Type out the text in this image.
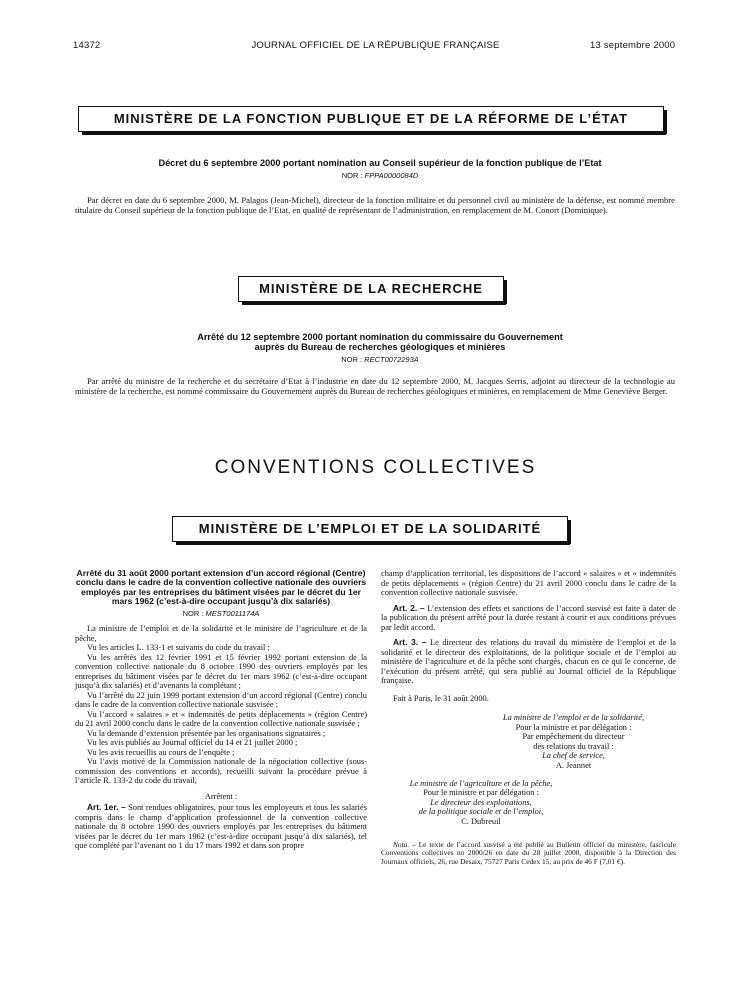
14372	JOURNAL OFFICIEL DE LA RÉPUBLIQUE FRANÇAISE	13 septembre 2000
MINISTÈRE DE LA FONCTION PUBLIQUE ET DE LA RÉFORME DE L’ÉTAT
Décret du 6 septembre 2000 portant nomination au Conseil supérieur de la fonction publique de l’Etat
NOR : FPPA0000084D

Par décret en date du 6 septembre 2000, M. Palagos (Jean-Michel), directeur de la fonction militaire et du personnel civil au ministère de la défense, est nommé membre titulaire du Conseil supérieur de la fonction publique de l’Etat, en qualité de représentant de l’administration, en remplacement de M. Conort (Dominique).

MINISTÈRE DE LA RECHERCHE
Arrêté du 12 septembre 2000 portant nomination du commissaire du Gouvernement
auprès du Bureau de recherches géologiques et minières
NOR : RECT0072293A

Par arrêté du ministre de la recherche et du secrétaire d’Etat à l’industrie en date du 12 septembre 2000, M. Jacques Serris, adjoint au directeur de la technologie au ministère de la recherche, est nommé commissaire du Gouvernement auprès du Bureau de recherches géologiques et minières, en remplacement de Mme Geneviève Berger.

CONVENTIONS COLLECTIVES
MINISTÈRE DE L’EMPLOI ET DE LA SOLIDARITÉ

Arrêté du 31 août 2000 portant extension d’un accord régional (Centre) conclu dans le cadre de la convention collective nationale des ouvriers employés par les entreprises du bâtiment visées par le décret du 1er mars 1962 (c’est-à-dire occupant jusqu’à dix salariés)

NOR : MEST0011174A

La ministre de l’emploi et de la solidarité et le ministre de l’agriculture et de la pêche,

Vu les articles L. 133-1 et suivants du code du travail ;

Vu les arrêtés des 12 février 1991 et 15 février 1992 portant extension de la convention collective nationale du 8 octobre 1990 des ouvriers employés par les entreprises du bâtiment visées par le décret du 1er mars 1962 (c’est-à-dire occupant jusqu’à dix salariés) et d’avenants la complétant ;

Vu l’arrêté du 22 juin 1999 portant extension d’un accord régional (Centre) conclu dans le cadre de la convention collective nationale susvisée ;

Vu l’accord « salaires » et « indemnités de petits déplacements » (région Centre) du 21 avril 2000 conclu dans le cadre de la convention collective nationale susvisée ;

Vu la demande d’extension présentée par les organisations signataires ;

Vu les avis publiés au Journal officiel du 14 et 21 juillet 2000 ;

Vu les avis recueillis au cours de l’enquête ;

Vu l’avis motivé de la Commission nationale de la négociation collective (sous-commission des conventions et accords), recueilli suivant la procédure prévue à l’article R. 133-2 du code du travail,

Arrêtent :

Art. 1er. – Sont rendues obligatoires, pour tous les employeurs et tous les salariés compris dans le champ d’application professionnel de la convention collective nationale du 8 octobre 1990 des ouvriers employés par les entreprises du bâtiment visées par le décret du 1er mars 1962 (c’est-à-dire occupant jusqu’à dix salariés), tel que complété par l’avenant no 1 du 17 mars 1992 et dans son propre

champ d’application territorial, les dispositions de l’accord « salaires » et « indemnités de petits déplacements » (région Centre) du 21 avril 2000 conclu dans le cadre de la convention collective nationale susvisée.

Art. 2. – L’extension des effets et sanctions de l’accord susvisé est faite à dater de la publication du présent arrêté pour la durée restant à courir et aux conditions prévues par ledit accord.

Art. 3. – Le directeur des relations du travail du ministère de l’emploi et de la solidarité et le directeur des exploitations, de la politique sociale et de l’emploi au ministère de l’agriculture et de la pêche sont chargés, chacun en ce qui le concerne, de l’exécution du présent arrêté, qui sera publié au Journal officiel de la République française.

Fait à Paris, le 31 août 2000.

La ministre de l’emploi et de la solidarité,
Pour la ministre et par délégation :
Par empêchement du directeur
des relations du travail :
La chef de service,
A. Jeannet
Le ministre de l’agriculture et de la pêche,
Pour le ministre et par délégation :
Le directeur des exploitations,
de la politique sociale et de l’emploi,
C. Dubreuil

Nota. – Le texte de l’accord susvisé a été publié au Bulletin officiel du ministère, fascicule Conventions collectives no 2000/26 en date du 28 juillet 2000, disponible à la Direction des Journaux officiels, 26, rue Desaix, 75727 Paris Cedex 15, au prix de 46 F (7,01 €).
